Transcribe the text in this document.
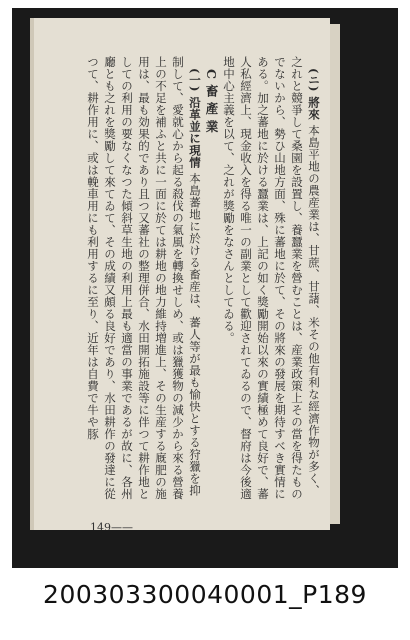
(ニ) 將來 本島平地の農産業は、甘蔗、甘藷、米その他有利な經濟作物が多く、之れと競爭して桑園を設置し、養蠶業を營むことは、産業政策上その當を得たものでないから、勢ひ山地方面、殊に蕃地に於て、その將來の發展を期待すべき實情にある。加之蕃地に於ける蠶業は、上記の如く獎勵開始以來の實績極めて良好で、蕃人私經濟上、現金收入を得る唯一の副業として歡迎されてゐるので、督府は今後適地中心主義を以て、之れが獎勵をなさんとしてゐる。

C 畜 產 業

(一) 沿革並に現情 本島蕃地に於ける畜産は、蕃人等が最も愉快とする狩獵を抑制して、愛就心から起る殺伐の氣風を轉換せしめ、或は獵獲物の減少から來る營養上の不足を補ふと共に一面に於ては耕地の地力維持増進上、その生産する廐肥の施用は、最も効果的であり且つ又蕃社の整理併合、水田開拓施設等に伴つて耕作地としての利用の要なくなつた傾斜草生地の利用上最も適當の事業であるが故に、各州廳とも之れを獎勵して來てゐて、その成績又頗る良好であり、水田耕作の發達に從つて、耕作用に、或は輓車用にも利用するに至り、近年は自費で牛や豚

149——
200303300040001_P189
